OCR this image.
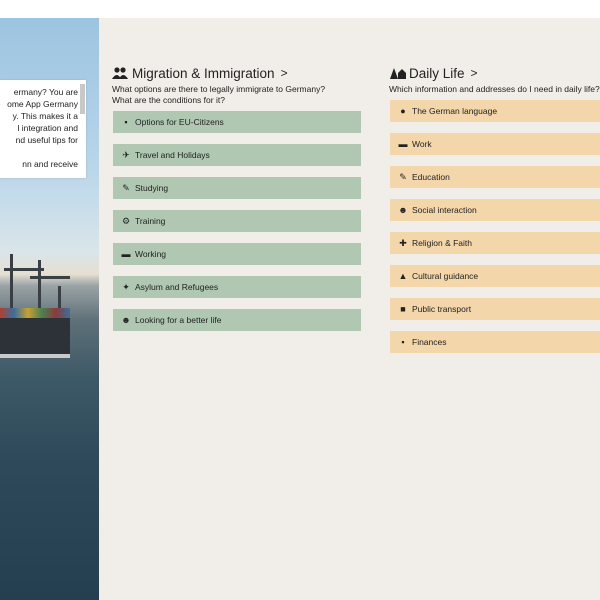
ermany? You are
ome App Germany
y. This makes it a
l integration and
nd useful tips for

nn and receive

Migration & Immigration >
What options are there to legally immigrate to Germany?
What are the conditions for it?
▪ Options for EU-Citizens
✈ Travel and Holidays
✎ Studying
⚙ Training
▬ Working
✦ Asylum and Refugees
☻ Looking for a better life
Daily Life >
Which information and addresses do I need in daily life?
● The German language
▬ Work
✎ Education
☻ Social interaction
✚ Religion & Faith
▲ Cultural guidance
■ Public transport
▪ Finances
